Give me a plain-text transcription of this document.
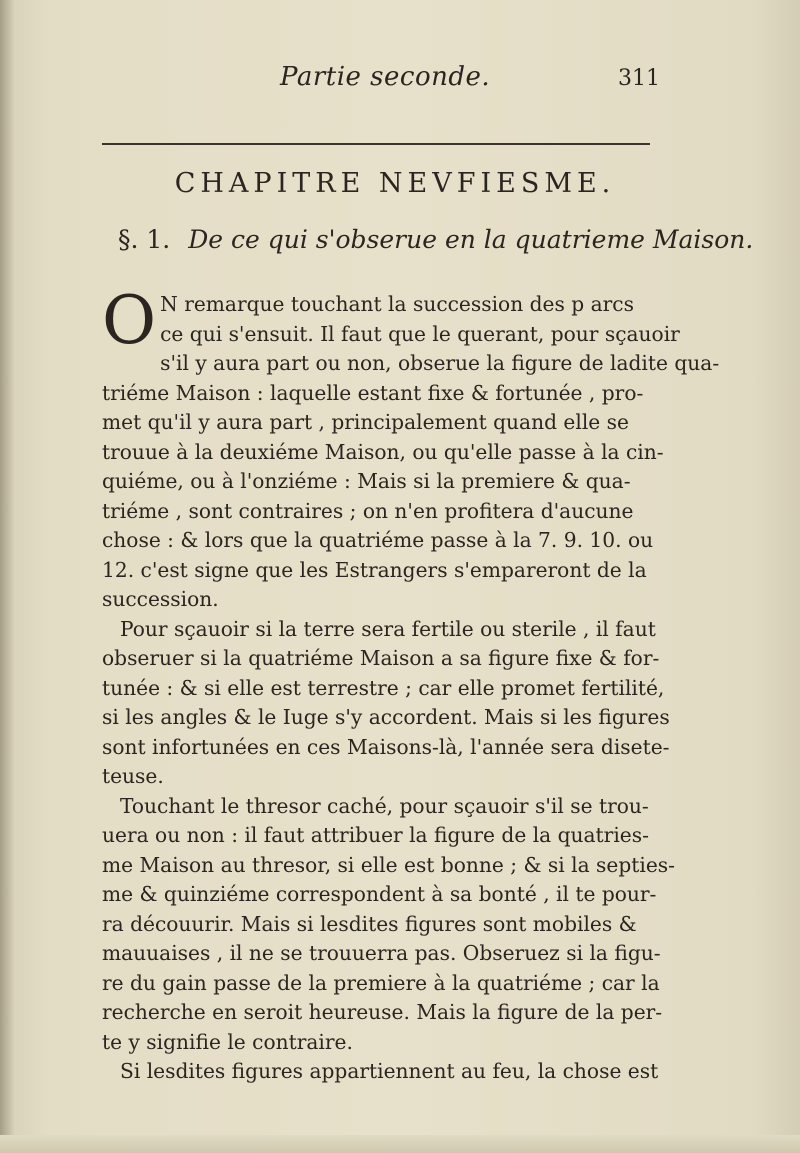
Partie seconde.	311
CHAPITRE NEVFIESME.
§. 1. De ce qui s'obserue en la quatrieme Maison.
O N remarque touchant la succession des p arcs
ce qui s'ensuit. Il faut que le querant, pour sçauoir
s'il y aura part ou non, obserue la figure de ladite qua-
triéme Maison : laquelle estant fixe & fortunée , pro-
met qu'il y aura part , principalement quand elle se
trouue à la deuxiéme Maison, ou qu'elle passe à la cin-
quiéme, ou à l'onziéme : Mais si la premiere & qua-
triéme , sont contraires ; on n'en profitera d'aucune
chose : & lors que la quatriéme passe à la 7. 9. 10. ou
12. c'est signe que les Estrangers s'empareront de la
succession.
Pour sçauoir si la terre sera fertile ou sterile , il faut
obseruer si la quatriéme Maison a sa figure fixe & for-
tunée : & si elle est terrestre ; car elle promet fertilité,
si les angles & le Iuge s'y accordent. Mais si les figures
sont infortunées en ces Maisons-là, l'année sera disete-
teuse.
Touchant le thresor caché, pour sçauoir s'il se trou-
uera ou non : il faut attribuer la figure de la quatries-
me Maison au thresor, si elle est bonne ; & si la septies-
me & quinziéme correspondent à sa bonté , il te pour-
ra découurir. Mais si lesdites figures sont mobiles &
mauuaises , il ne se trouuerra pas. Obseruez si la figu-
re du gain passe de la premiere à la quatriéme ; car la
recherche en seroit heureuse. Mais la figure de la per-
te y signifie le contraire.
Si lesdites figures appartiennent au feu, la chose est
